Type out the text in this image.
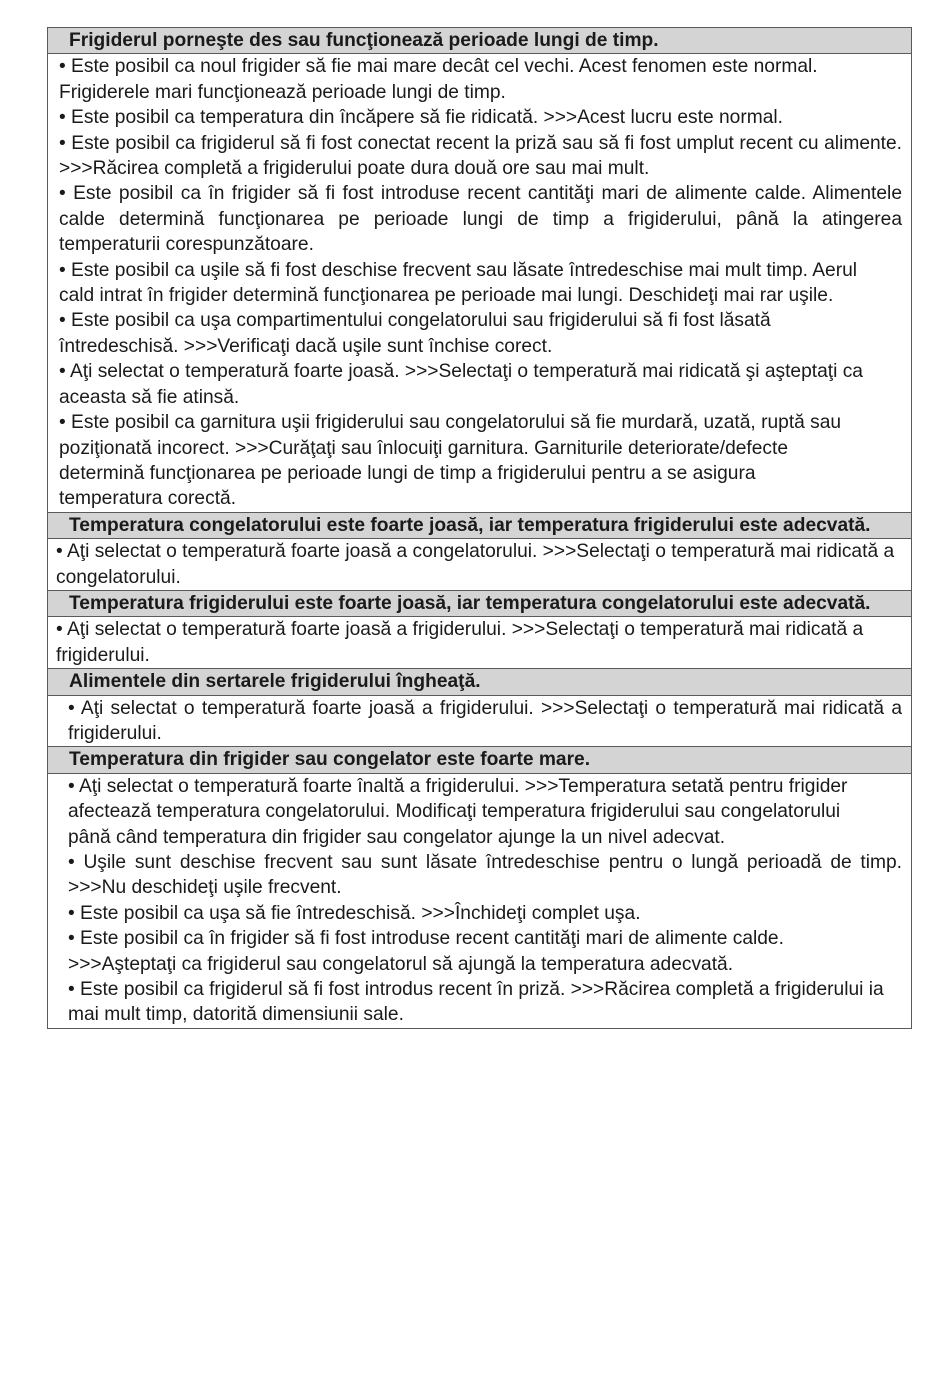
Frigiderul porneşte des sau funcţionează perioade lungi de timp.

• Este posibil ca noul frigider să fie mai mare decât cel vechi. Acest fenomen este normal. Frigiderele mari funcţionează perioade lungi de timp.

• Este posibil ca temperatura din încăpere să fie ridicată. >>>Acest lucru este normal.

• Este posibil ca frigiderul să fi fost conectat recent la priză sau să fi fost umplut recent cu alimente. >>>Răcirea completă a frigiderului poate dura două ore sau mai mult.

• Este posibil ca în frigider să fi fost introduse recent cantităţi mari de alimente calde. Alimentele calde determină funcţionarea pe perioade lungi de timp a frigiderului, până la atingerea temperaturii corespunzătoare.

• Este posibil ca uşile să fi fost deschise frecvent sau lăsate întredeschise mai mult timp. Aerul cald intrat în frigider determină funcţionarea pe perioade mai lungi. Deschideţi mai rar uşile.

• Este posibil ca uşa compartimentului congelatorului sau frigiderului să fi fost lăsată întredeschisă. >>>Verificaţi dacă uşile sunt închise corect.

• Aţi selectat o temperatură foarte joasă. >>>Selectaţi o temperatură mai ridicată şi aşteptaţi ca aceasta să fie atinsă.

• Este posibil ca garnitura uşii frigiderului sau congelatorului să fie murdară, uzată, ruptă sau poziţionată incorect. >>>Curăţaţi sau înlocuiţi garnitura. Garniturile deteriorate/defecte determină funcţionarea pe perioade lungi de timp a frigiderului pentru a se asigura temperatura corectă.

Temperatura congelatorului este foarte joasă, iar temperatura frigiderului este adecvată.

• Aţi selectat o temperatură foarte joasă a congelatorului. >>>Selectaţi o temperatură mai ridicată a congelatorului.

Temperatura frigiderului este foarte joasă, iar temperatura congelatorului este adecvată.

• Aţi selectat o temperatură foarte joasă a frigiderului. >>>Selectaţi o temperatură mai ridicată a frigiderului.

Alimentele din sertarele frigiderului îngheaţă.

• Aţi selectat o temperatură foarte joasă a frigiderului. >>>Selectaţi o temperatură mai ridicată a frigiderului.

Temperatura din frigider sau congelator este foarte mare.

• Aţi selectat o temperatură foarte înaltă a frigiderului. >>>Temperatura setată pentru frigider afectează temperatura congelatorului. Modificaţi temperatura frigiderului sau congelatorului până când temperatura din frigider sau congelator ajunge la un nivel adecvat.

• Uşile sunt deschise frecvent sau sunt lăsate întredeschise pentru o lungă perioadă de timp. >>>Nu deschideţi uşile frecvent.

• Este posibil ca uşa să fie întredeschisă. >>>Închideţi complet uşa.

• Este posibil ca în frigider să fi fost introduse recent cantităţi mari de alimente calde. >>>Aşteptaţi ca frigiderul sau congelatorul să ajungă la temperatura adecvată.

• Este posibil ca frigiderul să fi fost introdus recent în priză. >>>Răcirea completă a frigiderului ia mai mult timp, datorită dimensiunii sale.
